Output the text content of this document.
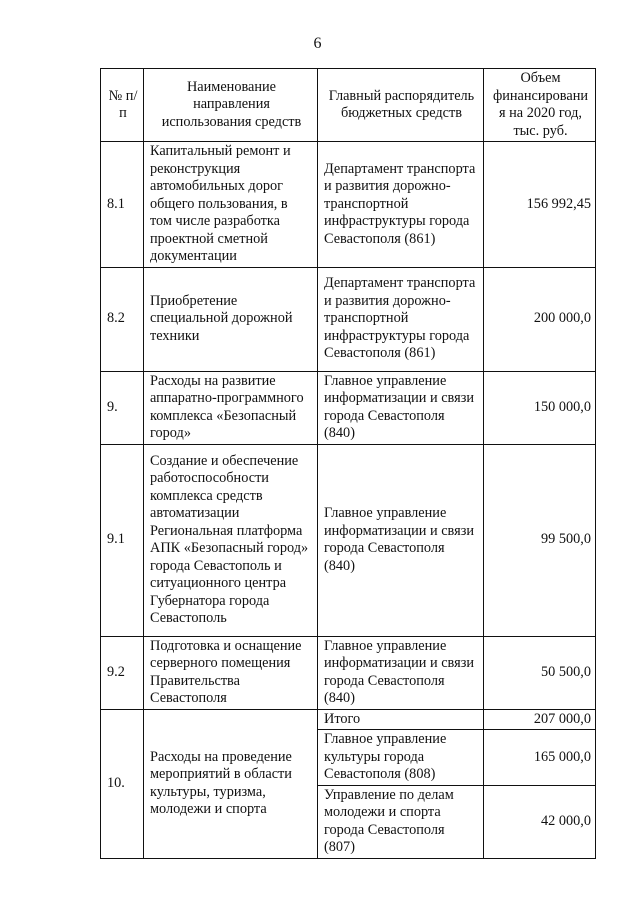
6
№ п/п	Наименование направления использования средств	Главный распорядитель бюджетных средств	Объем финансирования на 2020 год, тыс. руб.
8.1	Капитальный ремонт и реконструкция автомобильных дорог общего пользования, в том числе разработка проектной сметной документации	Департамент транспорта и развития дорожно-транспортной инфраструктуры города Севастополя (861)	156 992,45
8.2	Приобретение специальной дорожной техники	Департамент транспорта и развития дорожно-транспортной инфраструктуры города Севастополя (861)	200 000,0
9.	Расходы на развитие аппаратно-программного комплекса «Безопасный город»	Главное управление информатизации и связи города Севастополя (840)	150 000,0
9.1	Создание и обеспечение работоспособности комплекса средств автоматизации Региональная платформа АПК «Безопасный город» города Севастополь и ситуационного центра Губернатора города Севастополь	Главное управление информатизации и связи города Севастополя (840)	99 500,0
9.2	Подготовка и оснащение серверного помещения Правительства Севастополя	Главное управление информатизации и связи города Севастополя (840)	50 500,0
10.	Расходы на проведение мероприятий в области культуры, туризма, молодежи и спорта	Итого	207 000,0
		Главное управление культуры города Севастополя (808)	165 000,0
		Управление по делам молодежи и спорта города Севастополя (807)	42 000,0
